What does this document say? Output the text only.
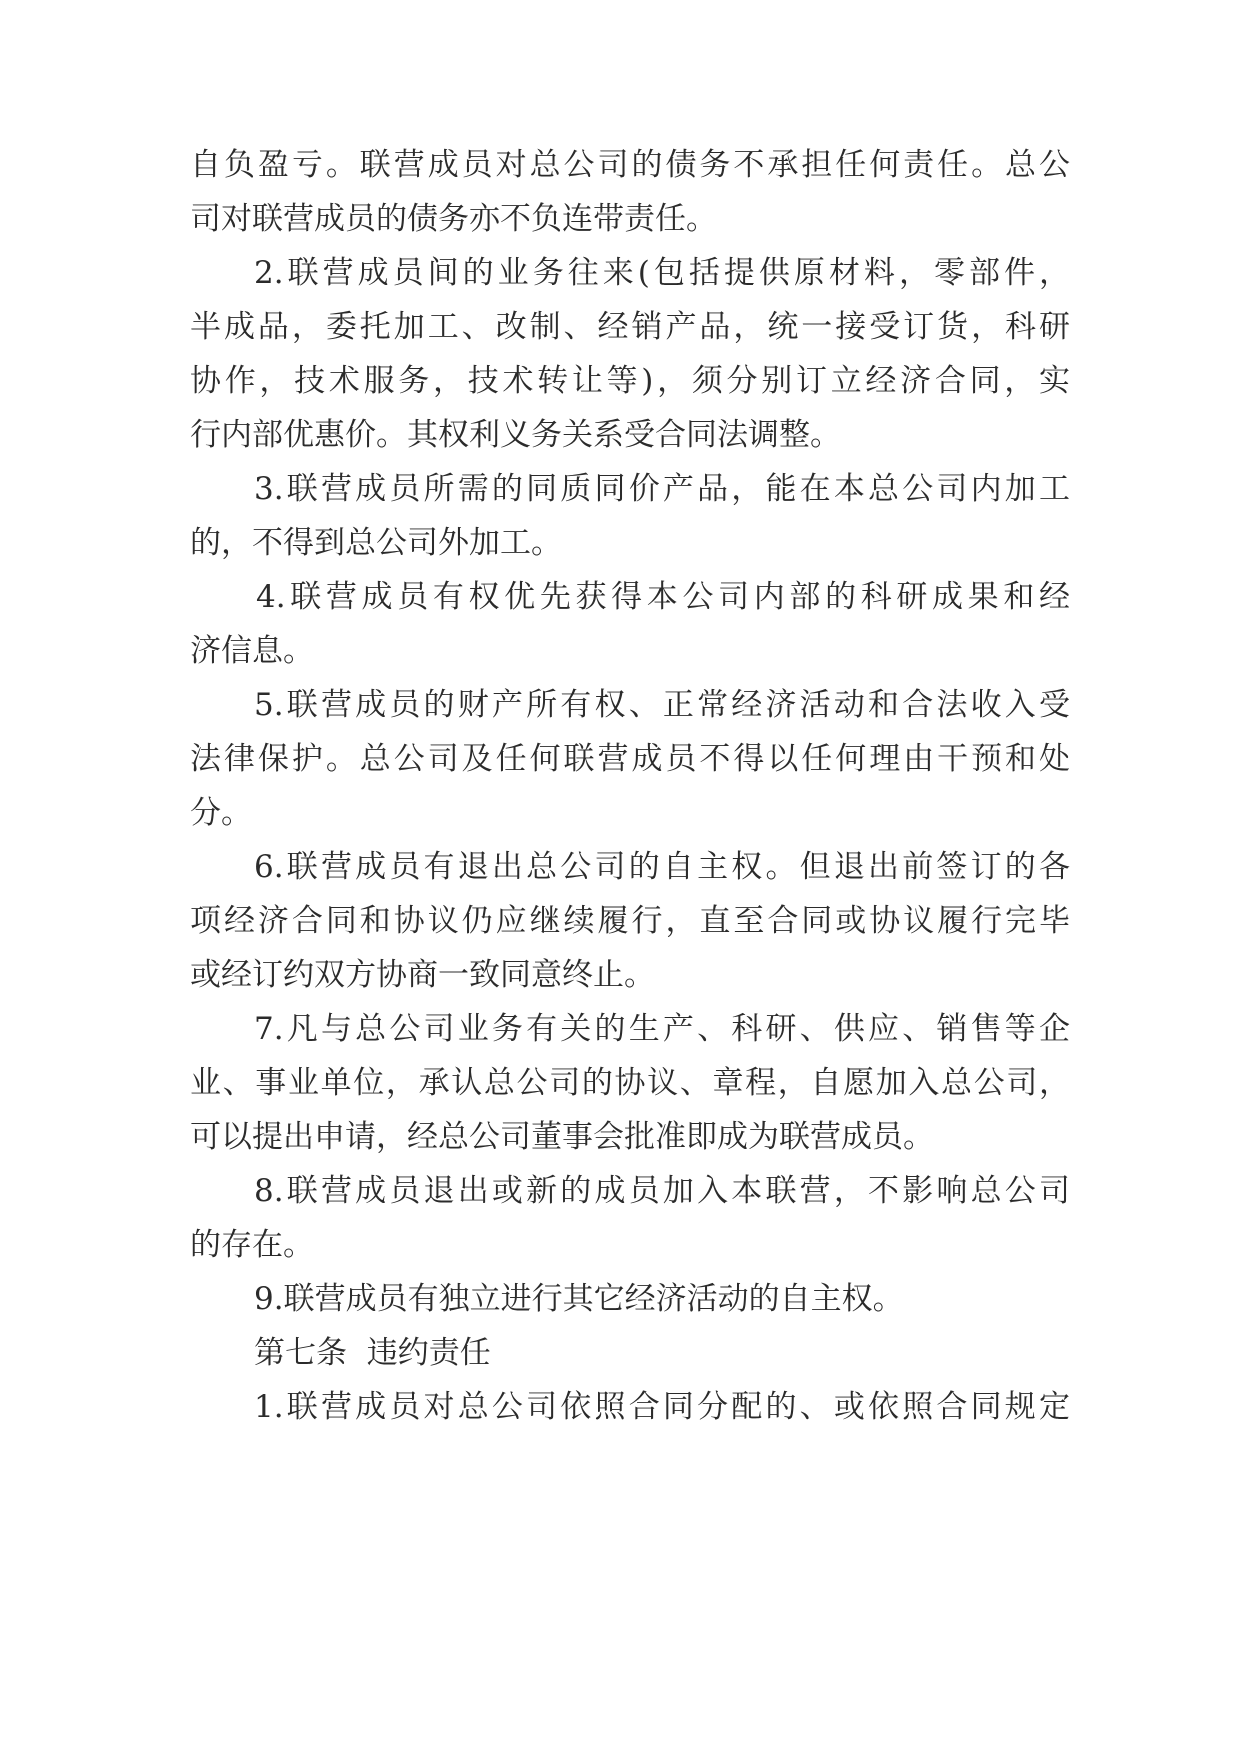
自负盈亏。联营成员对总公司的债务不承担任何责任。总公
司对联营成员的债务亦不负连带责任。
2.联营成员间的业务往来(包括提供原材料，零部件，
半成品，委托加工、改制、经销产品，统一接受订货，科研
协作，技术服务，技术转让等)，须分别订立经济合同，实
行内部优惠价。其权利义务关系受合同法调整。
3.联营成员所需的同质同价产品，能在本总公司内加工
的，不得到总公司外加工。
4.联营成员有权优先获得本公司内部的科研成果和经
济信息。
5.联营成员的财产所有权、正常经济活动和合法收入受
法律保护。总公司及任何联营成员不得以任何理由干预和处
分。
6.联营成员有退出总公司的自主权。但退出前签订的各
项经济合同和协议仍应继续履行，直至合同或协议履行完毕
或经订约双方协商一致同意终止。
7.凡与总公司业务有关的生产、科研、供应、销售等企
业、事业单位，承认总公司的协议、章程，自愿加入总公司，
可以提出申请，经总公司董事会批准即成为联营成员。
8.联营成员退出或新的成员加入本联营，不影响总公司
的存在。
9.联营成员有独立进行其它经济活动的自主权。
第七条  违约责任
1.联营成员对总公司依照合同分配的、或依照合同规定
